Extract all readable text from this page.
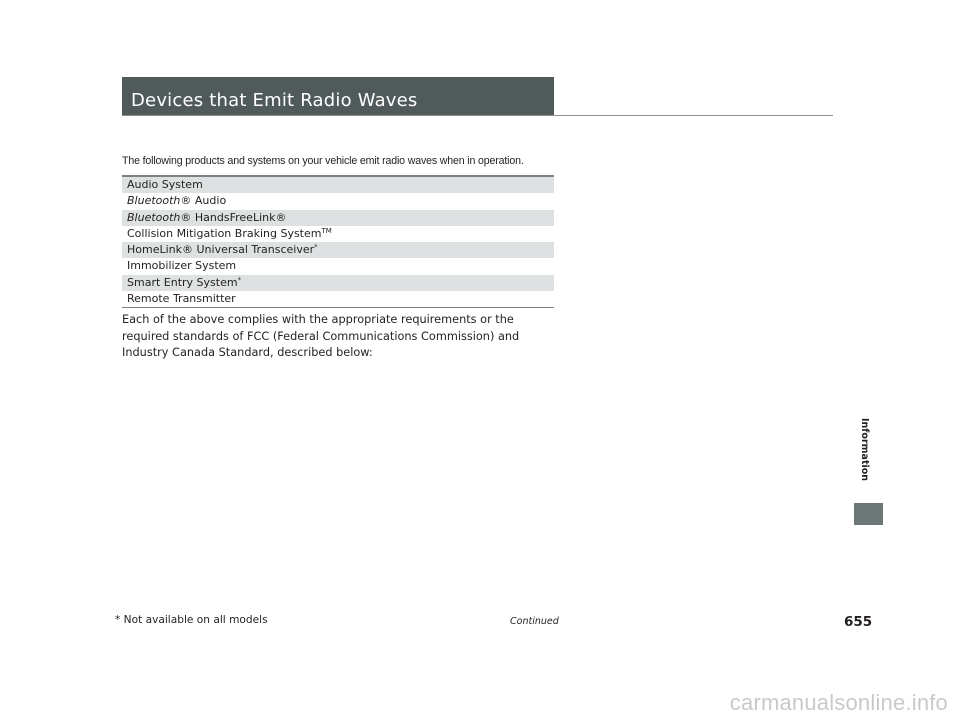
Devices that Emit Radio Waves
The following products and systems on your vehicle emit radio waves when in operation.
Audio System
Bluetooth® Audio
Bluetooth® HandsFreeLink®
Collision Mitigation Braking System™
HomeLink® Universal Transceiver*
Immobilizer System
Smart Entry System*
Remote Transmitter
Each of the above complies with the appropriate requirements or the required standards of FCC (Federal Communications Commission) and Industry Canada Standard, described below:
Information
* Not available on all models	Continued	655
carmanualsonline.info
